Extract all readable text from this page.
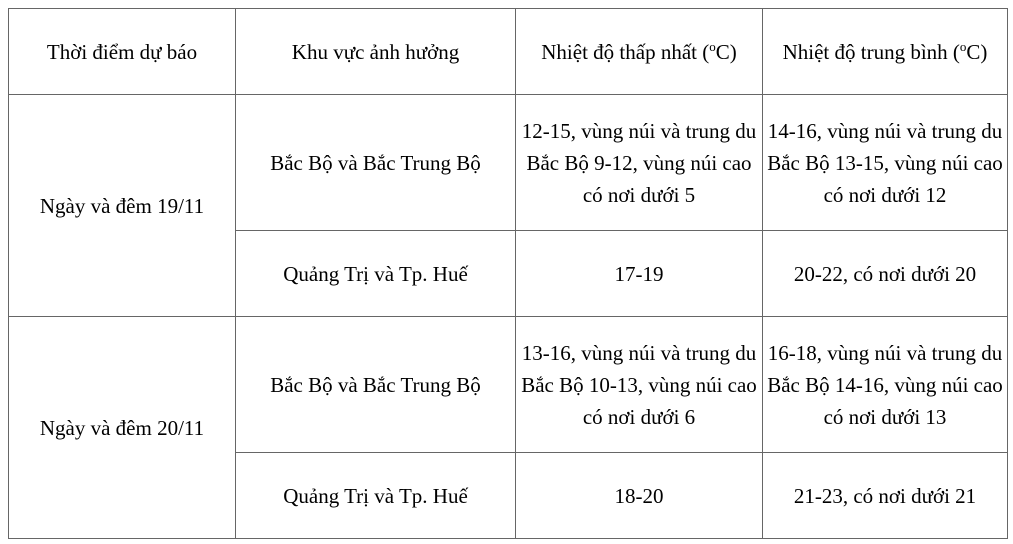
Thời điểm dự báo	Khu vực ảnh hưởng	Nhiệt độ thấp nhất ($^o$C)	Nhiệt độ trung bình ($^o$C)
Ngày và đêm 19/11	Bắc Bộ và Bắc Trung Bộ	12-15, vùng núi và trung du Bắc Bộ 9-12, vùng núi cao có nơi dưới 5	14-16, vùng núi và trung du Bắc Bộ 13-15, vùng núi cao có nơi dưới 12
	Quảng Trị và Tp. Huế	17-19	20-22, có nơi dưới 20
Ngày và đêm 20/11	Bắc Bộ và Bắc Trung Bộ	13-16, vùng núi và trung du Bắc Bộ 10-13, vùng núi cao có nơi dưới 6	16-18, vùng núi và trung du Bắc Bộ 14-16, vùng núi cao có nơi dưới 13
	Quảng Trị và Tp. Huế	18-20	21-23, có nơi dưới 21
